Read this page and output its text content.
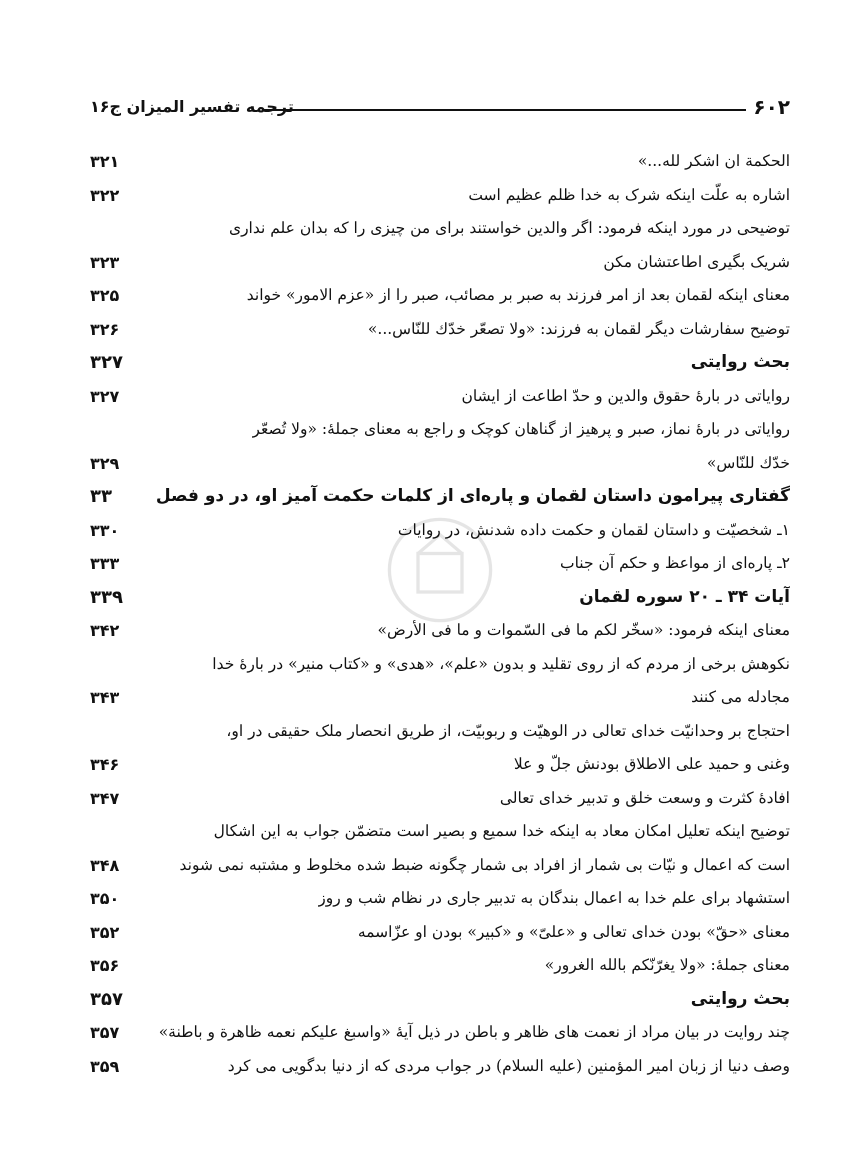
۶۰۲
ترجمه تفسیر المیزان ج۱۶
الحکمة ان اشکر لله...»
۳۲۱
اشاره به علّت اینکه شرک به خدا ظلم عظیم است
۳۲۲
توضیحی در مورد اینکه فرمود: اگر والدین خواستند برای من چیزی را که بدان علم نداری
شریک بگیری اطاعتشان مکن
۳۲۳
معنای اینکه لقمان بعد از امر فرزند به صبر بر مصائب، صبر را از «عزم الامور» خواند
۳۲۵
توضیح سفارشات دیگر لقمان به فرزند: «ولا تصعّر خدّك للنّاس...»
۳۲۶
بحث روایتی
۳۲۷
روایاتی در بارهٔ حقوق والدین و حدّ اطاعت از ایشان
۳۲۷
روایاتی در بارهٔ نماز، صبر و پرهیز از گناهان کوچک و راجع به معنای جملهٔ: «ولا تُصعّر
خدّك للنّاس»
۳۲۹
گفتاری پیرامون داستان لقمان و پاره‌ای از کلمات حکمت آمیز او، در دو فصل
۳۳
۱ـ شخصیّت و داستان لقمان و حکمت داده شدنش، در روایات
۳۳۰
۲ـ پاره‌ای از مواعظ و حکم آن جناب
۳۳۳
آیات ۳۴ ـ ۲۰ سوره لقمان
۳۳۹
معنای اینکه فرمود: «سخّر لکم ما فی السّموات و ما فی الأرض»
۳۴۲
نکوهش برخی از مردم که از روی تقلید و بدون «علم»، «هدی» و «کتاب منیر» در بارهٔ خدا
مجادله می کنند
۳۴۳
احتجاج بر وحدانیّت خدای تعالی در الوهیّت و ربوبیّت، از طریق انحصار ملک حقیقی در او،
وغنی و حمید علی الاطلاق بودنش جلّ و علا
۳۴۶
افادهٔ کثرت و وسعت خلق و تدبیر خدای تعالی
۳۴۷
توضیح اینکه تعلیل امکان معاد به اینکه خدا سمیع و بصیر است متضمّن جواب به این اشکال
است که اعمال و نیّات بی شمار از افراد بی شمار چگونه ضبط شده مخلوط و مشتبه نمی شوند
۳۴۸
استشهاد برای علم خدا به اعمال بندگان به تدبیر جاری در نظام شب و روز
۳۵۰
معنای «حقّ» بودن خدای تعالی و «علیّ» و «کبیر» بودن او عزّاسمه
۳۵۲
معنای جملهٔ: «ولا یغرّنّکم بالله الغرور»
۳۵۶
بحث روایتی
۳۵۷
چند روایت در بیان مراد از نعمت های ظاهر و باطن در ذیل آیهٔ «واسبغ علیکم نعمه ظاهرة و باطنة»
۳۵۷
وصف دنیا از زبان امیر المؤمنین (علیه السلام) در جواب مردی که از دنیا بدگویی می کرد
۳۵۹
